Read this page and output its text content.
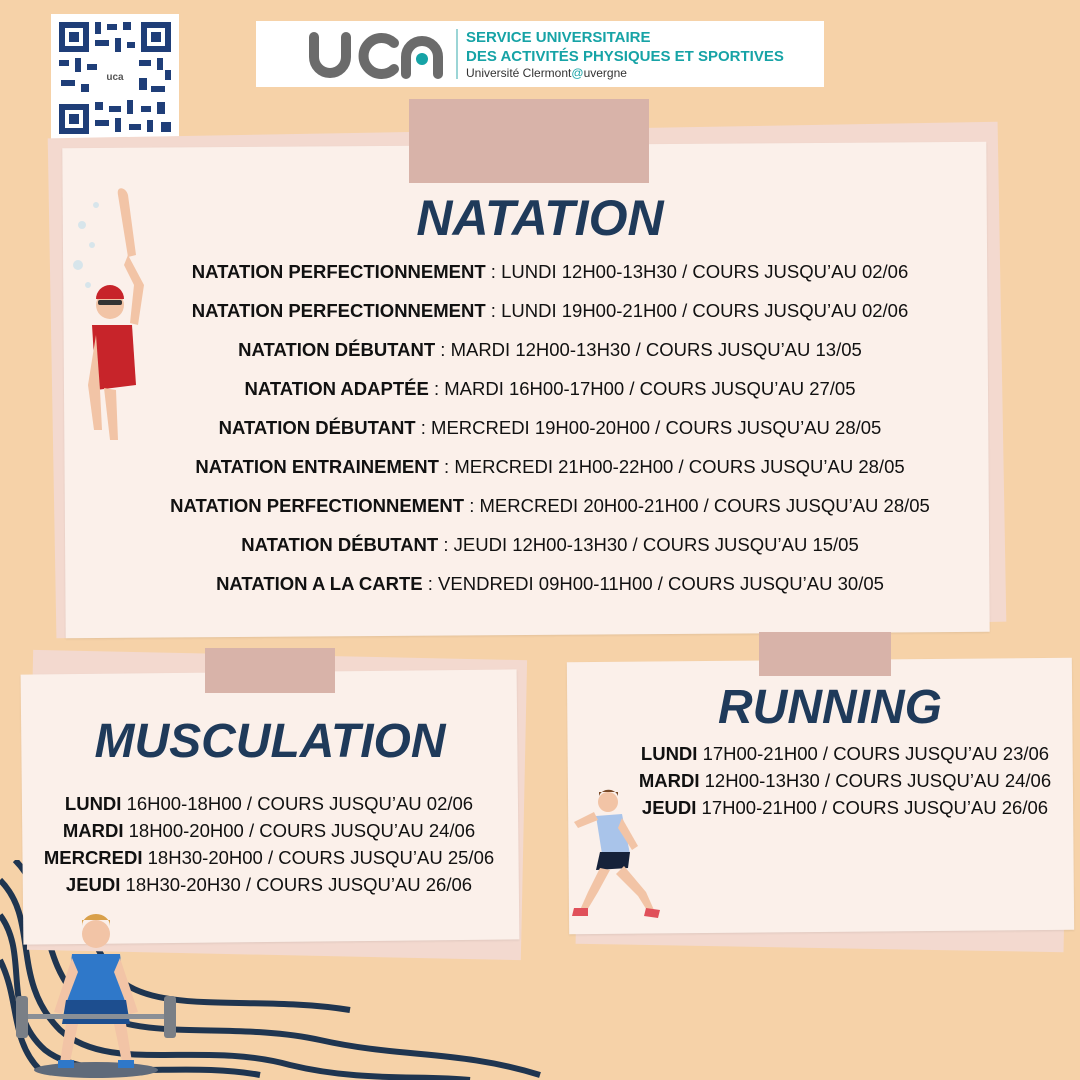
uca
SERVICE UNIVERSITAIRE
DES ACTIVITÉS PHYSIQUES ET SPORTIVES
Université Clermont@uvergne
NATATION
NATATION PERFECTIONNEMENT : LUNDI 12H00-13H30 / COURS JUSQU’AU 02/06
NATATION PERFECTIONNEMENT : LUNDI 19H00-21H00 / COURS JUSQU’AU 02/06
NATATION DÉBUTANT : MARDI 12H00-13H30 / COURS JUSQU’AU 13/05
NATATION ADAPTÉE : MARDI 16H00-17H00 / COURS JUSQU’AU 27/05
NATATION DÉBUTANT : MERCREDI 19H00-20H00 / COURS JUSQU’AU 28/05
NATATION ENTRAINEMENT : MERCREDI 21H00-22H00 / COURS JUSQU’AU 28/05
NATATION PERFECTIONNEMENT : MERCREDI 20H00-21H00 / COURS JUSQU’AU 28/05
NATATION DÉBUTANT : JEUDI 12H00-13H30 / COURS JUSQU’AU 15/05
NATATION A LA CARTE : VENDREDI 09H00-11H00 / COURS JUSQU’AU 30/05
MUSCULATION
LUNDI 16H00-18H00 / COURS JUSQU’AU 02/06
MARDI 18H00-20H00 / COURS JUSQU’AU 24/06
MERCREDI 18H30-20H00 / COURS JUSQU’AU 25/06
JEUDI 18H30-20H30 / COURS JUSQU’AU 26/06
RUNNING
LUNDI 17H00-21H00 / COURS JUSQU’AU 23/06
MARDI 12H00-13H30 / COURS JUSQU’AU 24/06
JEUDI 17H00-21H00 / COURS JUSQU’AU 26/06
